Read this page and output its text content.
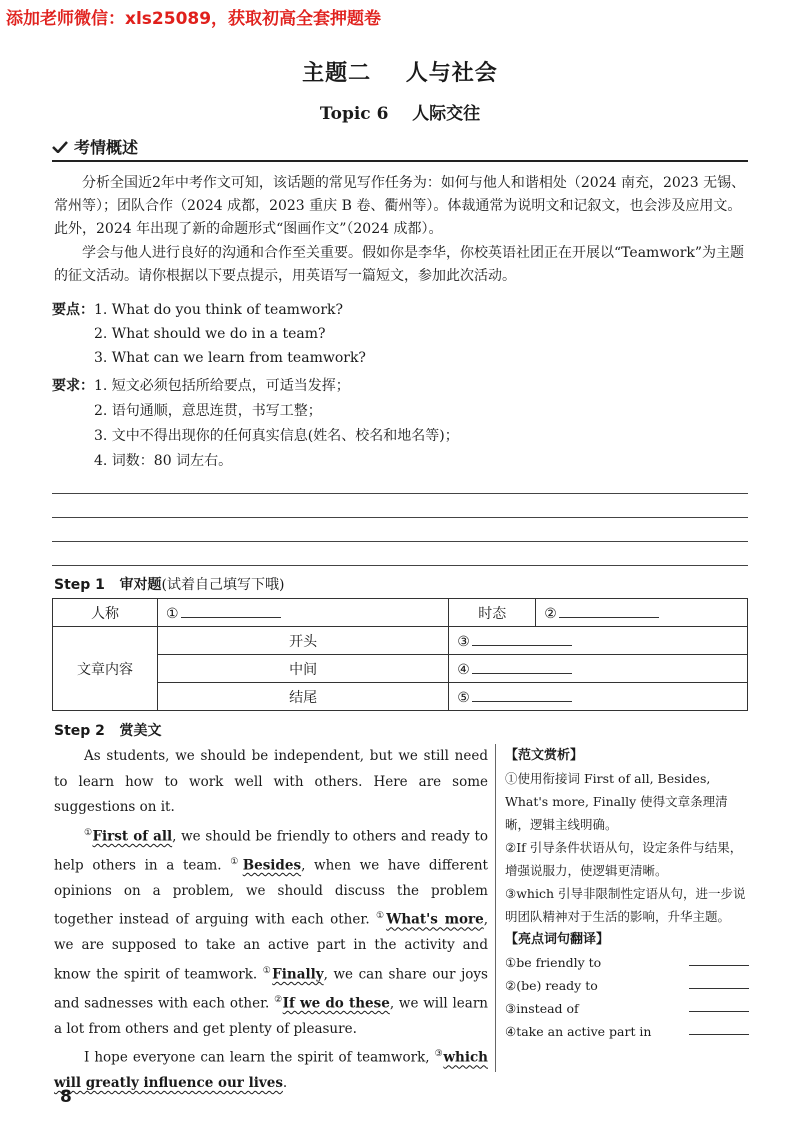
添加老师微信：xls25089，获取初高全套押题卷
主题二    人与社会
Topic 6    人际交往
考情概述
分析全国近2年中考作文可知，该话题的常见写作任务为：如何与他人和谐相处（2024 南充，2023 无锡、常州等）；团队合作（2024 成都，2023 重庆 B 卷、衢州等）。体裁通常为说明文和记叙文，也会涉及应用文。此外，2024 年出现了新的命题形式“图画作文”（2024 成都）。
学会与他人进行良好的沟通和合作至关重要。假如你是李华，你校英语社团正在开展以“Teamwork”为主题的征文活动。请你根据以下要点提示，用英语写一篇短文，参加此次活动。
要点：1. What do you think of teamwork?
2. What should we do in a team?
3. What can we learn from teamwork?
要求：1. 短文必须包括所给要点，可适当发挥；
2. 语句通顺，意思连贯，书写工整；
3. 文中不得出现你的任何真实信息(姓名、校名和地名等)；
4. 词数：80 词左右。
Step 1 审对题(试着自己填写下哦)
人称	①	时态	②
文章内容	开头	③	
	中间	④	
	结尾	⑤	
Step 2 赏美文

As students, we should be independent, but we still need to learn how to work well with others. Here are some suggestions on it.

①First of all, we should be friendly to others and ready to help others in a team. ①Besides, when we have different opinions on a problem, we should discuss the problem together instead of arguing with each other. ①What's more, we are supposed to take an active part in the activity and know the spirit of teamwork. ①Finally, we can share our joys and sadnesses with each other. ②If we do these, we will learn a lot from others and get plenty of pleasure.

I hope everyone can learn the spirit of teamwork, ③which will greatly influence our lives.

【范文赏析】

①使用衔接词 First of all, Besides, What's more, Finally 使得文章条理清晰，逻辑主线明确。

②If 引导条件状语从句，设定条件与结果，增强说服力，使逻辑更清晰。

③which 引导非限制性定语从句，进一步说明团队精神对于生活的影响，升华主题。

【亮点词句翻译】
①be friendly to
②(be) ready to
③instead of
④take an active part in
8
